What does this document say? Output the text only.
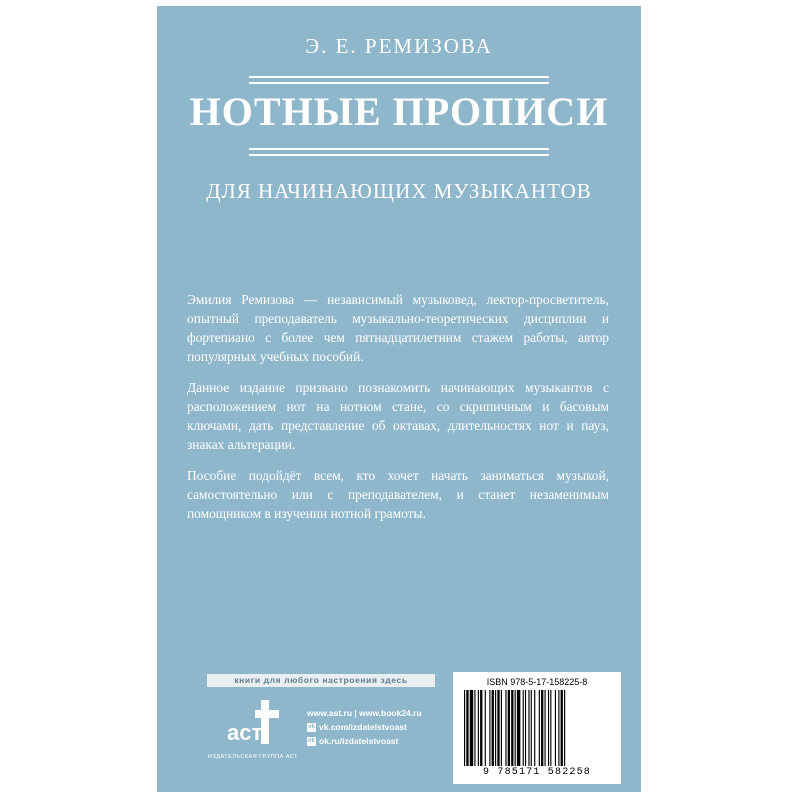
Э. Е. РЕМИЗОВА
НОТНЫЕ ПРОПИСИ
ДЛЯ НАЧИНАЮЩИХ МУЗЫКАНТОВ

Эмилия Ремизова — независимый музыковед, лектор-просветитель, опытный преподаватель музыкально-теоретических дисциплин и фортепиано с более чем пятнадцатилетним стажем работы, автор популярных учебных пособий.

Данное издание призвано познакомить начинающих музыкантов с расположением нот на нотном стане, со скрипичным и басовым ключами, дать представление об октавах, длительностях нот и пауз, знаках альтерации.

Пособие подойдёт всем, кто хочет начать заниматься музыкой, самостоятельно или с преподавателем, и станет незаменимым помощником в изучении нотной грамоты.

книги для любого настроения здесь
аст
ИЗДАТЕЛЬСКАЯ ГРУППА АСТ
www.ast.ru | www.book24.ru
vk vk.com/izdatelstvoast
ok ok.ru/izdatelstvoast
ISBN 978-5-17-158225-8
9 785171 582258
